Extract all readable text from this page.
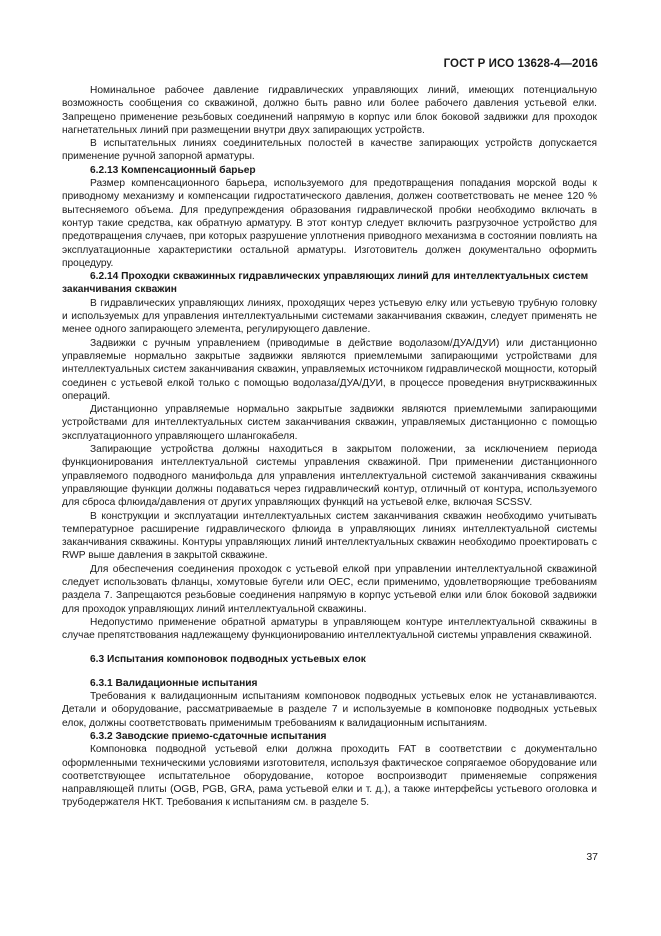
ГОСТ Р ИСО 13628-4—2016

Номинальное рабочее давление гидравлических управляющих линий, имеющих потенциальную возможность сообщения со скважиной, должно быть равно или более рабочего давления устьевой елки. Запрещено применение резьбовых соединений напрямую в корпус или блок боковой задвижки для проходок нагнетательных линий при размещении внутри двух запирающих устройств.

В испытательных линиях соединительных полостей в качестве запирающих устройств допускается применение ручной запорной арматуры.

6.2.13 Компенсационный барьер

Размер компенсационного барьера, используемого для предотвращения попадания морской воды к приводному механизму и компенсации гидростатического давления, должен соответствовать не менее 120 % вытесняемого объема. Для предупреждения образования гидравлической пробки необходимо включать в контур такие средства, как обратную арматуру. В этот контур следует включить разгрузочное устройство для предотвращения случаев, при которых разрушение уплотнения приводного механизма в состоянии повлиять на эксплуатационные характеристики остальной арматуры. Изготовитель должен документально оформить процедуру.

6.2.14 Проходки скважинных гидравлических управляющих линий для интеллектуальных систем заканчивания скважин

В гидравлических управляющих линиях, проходящих через устьевую елку или устьевую трубную головку и используемых для управления интеллектуальными системами заканчивания скважин, следует применять не менее одного запирающего элемента, регулирующего давление.

Задвижки с ручным управлением (приводимые в действие водолазом/ДУА/ДУИ) или дистанционно управляемые нормально закрытые задвижки являются приемлемыми запирающими устройствами для интеллектуальных систем заканчивания скважин, управляемых источником гидравлической мощности, который соединен с устьевой елкой только с помощью водолаза/ДУА/ДУИ, в процессе проведения внутрискважинных операций.

Дистанционно управляемые нормально закрытые задвижки являются приемлемыми запирающими устройствами для интеллектуальных систем заканчивания скважин, управляемых дистанционно с помощью эксплуатационного управляющего шлангокабеля.

Запирающие устройства должны находиться в закрытом положении, за исключением периода функционирования интеллектуальной системы управления скважиной. При применении дистанционного управляемого подводного манифольда для управления интеллектуальной системой заканчивания скважины управляющие функции должны подаваться через гидравлический контур, отличный от контура, используемого для сброса флюида/давления от других управляющих функций на устьевой елке, включая SCSSV.

В конструкции и эксплуатации интеллектуальных систем заканчивания скважин необходимо учитывать температурное расширение гидравлического флюида в управляющих линиях интеллектуальной системы заканчивания скважины. Контуры управляющих линий интеллектуальных скважин необходимо проектировать с RWP выше давления в закрытой скважине.

Для обеспечения соединения проходок с устьевой елкой при управлении интеллектуальной скважиной следует использовать фланцы, хомутовые бугели или ОЕС, если применимо, удовлетворяющие требованиям раздела 7. Запрещаются резьбовые соединения напрямую в корпус устьевой елки или блок боковой задвижки для проходок управляющих линий интеллектуальной скважины.

Недопустимо применение обратной арматуры в управляющем контуре интеллектуальной скважины в случае препятствования надлежащему функционированию интеллектуальной системы управления скважиной.

6.3 Испытания компоновок подводных устьевых елок
6.3.1 Валидационные испытания

Требования к валидационным испытаниям компоновок подводных устьевых елок не устанавливаются. Детали и оборудование, рассматриваемые в разделе 7 и используемые в компоновке подводных устьевых елок, должны соответствовать применимым требованиям к валидационным испытаниям.

6.3.2 Заводские приемо-сдаточные испытания

Компоновка подводной устьевой елки должна проходить FAT в соответствии с документально оформленными техническими условиями изготовителя, используя фактическое сопрягаемое оборудование или соответствующее испытательное оборудование, которое воспроизводит применяемые сопряжения направляющей плиты (OGB, PGB, GRA, рама устьевой елки и т. д.), а также интерфейсы устьевого оголовка и трубодержателя НКТ. Требования к испытаниям см. в разделе 5.

37
